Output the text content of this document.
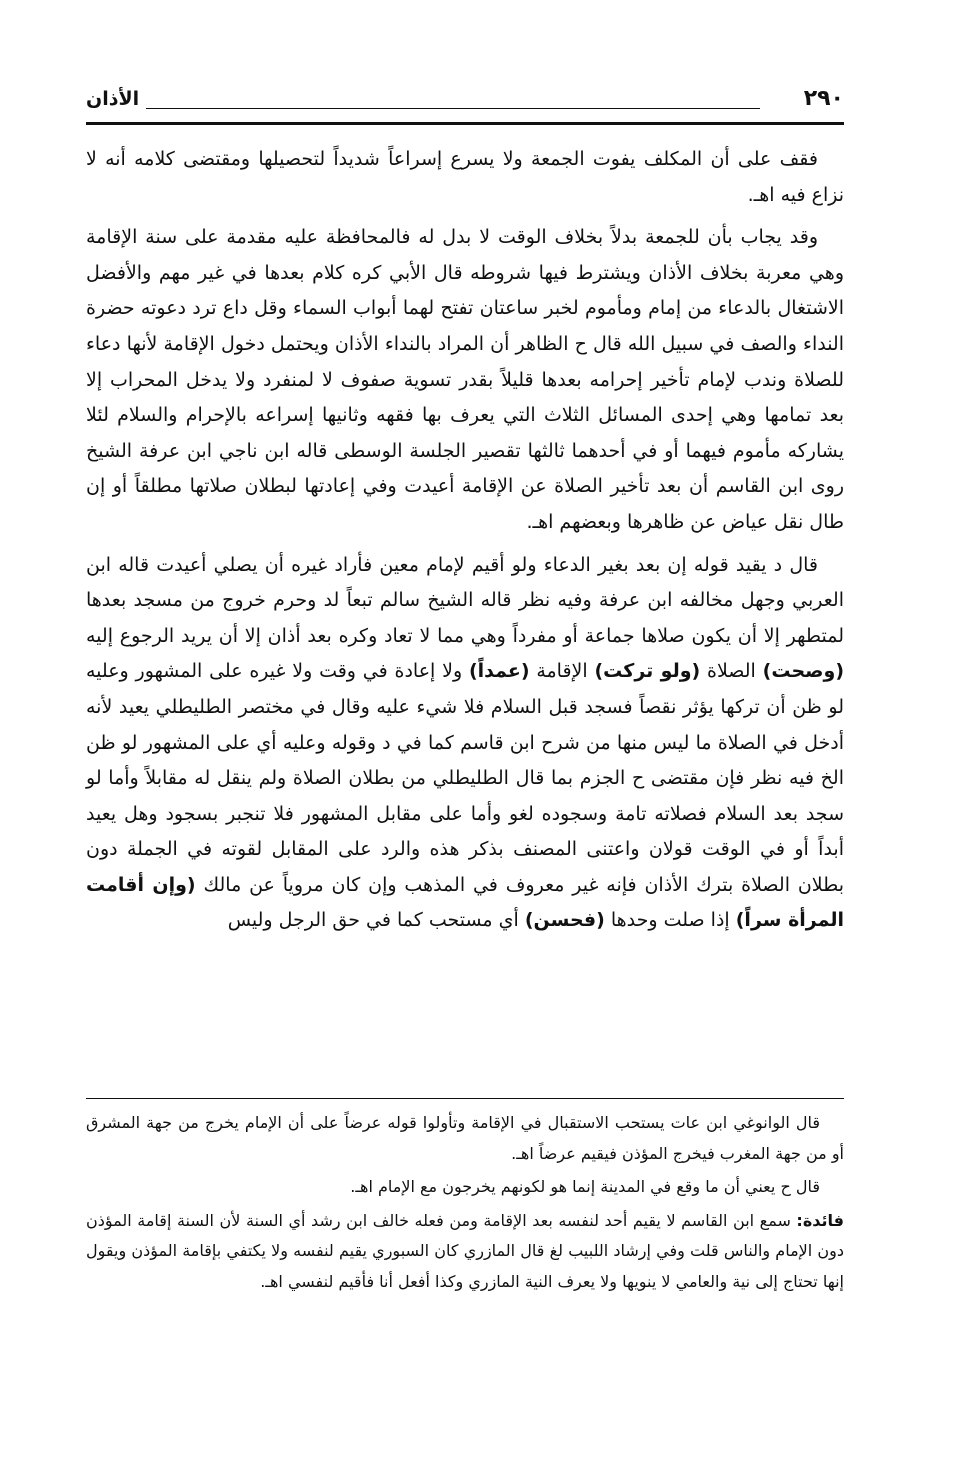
٢٩٠
الأذان

فقف على أن المكلف يفوت الجمعة ولا يسرع إسراعاً شديداً لتحصيلها ومقتضى كلامه أنه لا نزاع فيه اهـ.

وقد يجاب بأن للجمعة بدلاً بخلاف الوقت لا بدل له فالمحافظة عليه مقدمة على سنة الإقامة وهي معربة بخلاف الأذان ويشترط فيها شروطه قال الأبي كره كلام بعدها في غير مهم والأفضل الاشتغال بالدعاء من إمام ومأموم لخبر ساعتان تفتح لهما أبواب السماء وقل داع ترد دعوته حضرة النداء والصف في سبيل الله قال ح الظاهر أن المراد بالنداء الأذان ويحتمل دخول الإقامة لأنها دعاء للصلاة وندب لإمام تأخير إحرامه بعدها قليلاً بقدر تسوية صفوف لا لمنفرد ولا يدخل المحراب إلا بعد تمامها وهي إحدى المسائل الثلاث التي يعرف بها فقهه وثانيها إسراعه بالإحرام والسلام لئلا يشاركه مأموم فيهما أو في أحدهما ثالثها تقصير الجلسة الوسطى قاله ابن ناجي ابن عرفة الشيخ روى ابن القاسم أن بعد تأخير الصلاة عن الإقامة أعيدت وفي إعادتها لبطلان صلاتها مطلقاً أو إن طال نقل عياض عن ظاهرها وبعضهم اهـ.

قال د يقيد قوله إن بعد بغير الدعاء ولو أقيم لإمام معين فأراد غيره أن يصلي أعيدت قاله ابن العربي وجهل مخالفه ابن عرفة وفيه نظر قاله الشيخ سالم تبعاً لد وحرم خروج من مسجد بعدها لمتطهر إلا أن يكون صلاها جماعة أو مفرداً وهي مما لا تعاد وكره بعد أذان إلا أن يريد الرجوع إليه (وصحت) الصلاة (ولو تركت) الإقامة (عمداً) ولا إعادة في وقت ولا غيره على المشهور وعليه لو ظن أن تركها يؤثر نقصاً فسجد قبل السلام فلا شيء عليه وقال في مختصر الطليطلي يعيد لأنه أدخل في الصلاة ما ليس منها من شرح ابن قاسم كما في د وقوله وعليه أي على المشهور لو ظن الخ فيه نظر فإن مقتضى ح الجزم بما قال الطليطلي من بطلان الصلاة ولم ينقل له مقابلاً وأما لو سجد بعد السلام فصلاته تامة وسجوده لغو وأما على مقابل المشهور فلا تنجبر بسجود وهل يعيد أبداً أو في الوقت قولان واعتنى المصنف بذكر هذه والرد على المقابل لقوته في الجملة دون بطلان الصلاة بترك الأذان فإنه غير معروف في المذهب وإن كان مروياً عن مالك (وإن أقامت المرأة سراً) إذا صلت وحدها (فحسن) أي مستحب كما في حق الرجل وليس

قال الوانوغي ابن عات يستحب الاستقبال في الإقامة وتأولوا قوله عرضاً على أن الإمام يخرج من جهة المشرق أو من جهة المغرب فيخرج المؤذن فيقيم عرضاً اهـ.

قال ح يعني أن ما وقع في المدينة إنما هو لكونهم يخرجون مع الإمام اهـ.

فائدة: سمع ابن القاسم لا يقيم أحد لنفسه بعد الإقامة ومن فعله خالف ابن رشد أي السنة لأن السنة إقامة المؤذن دون الإمام والناس قلت وفي إرشاد اللبيب لغ قال المازري كان السبوري يقيم لنفسه ولا يكتفي بإقامة المؤذن ويقول إنها تحتاج إلى نية والعامي لا ينويها ولا يعرف النية المازري وكذا أفعل أنا فأقيم لنفسي اهـ.
